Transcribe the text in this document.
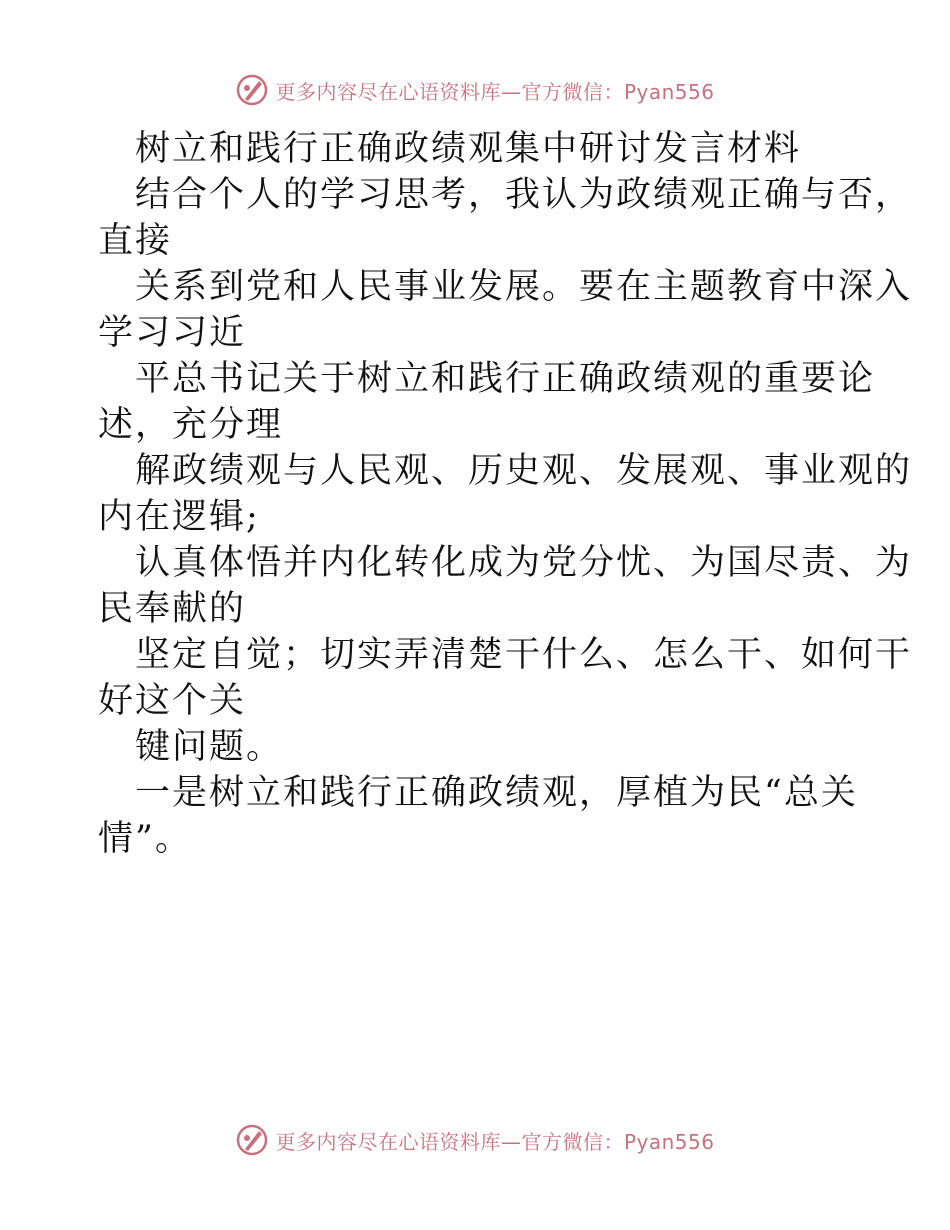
更多内容尽在心语资料库—官方微信：Pyan556

树立和践行正确政绩观集中研讨发言材料

结合个人的学习思考，我认为政绩观正确与否，

直接

关系到党和人民事业发展。要在主题教育中深入

学习习近

平总书记关于树立和践行正确政绩观的重要论

述，充分理

解政绩观与人民观、历史观、发展观、事业观的

内在逻辑;

认真体悟并内化转化成为党分忧、为国尽责、为

民奉献的

坚定自觉；切实弄清楚干什么、怎么干、如何干

好这个关

键问题。

一是树立和践行正确政绩观，厚植为民“总关

情”。

更多内容尽在心语资料库—官方微信：Pyan556
